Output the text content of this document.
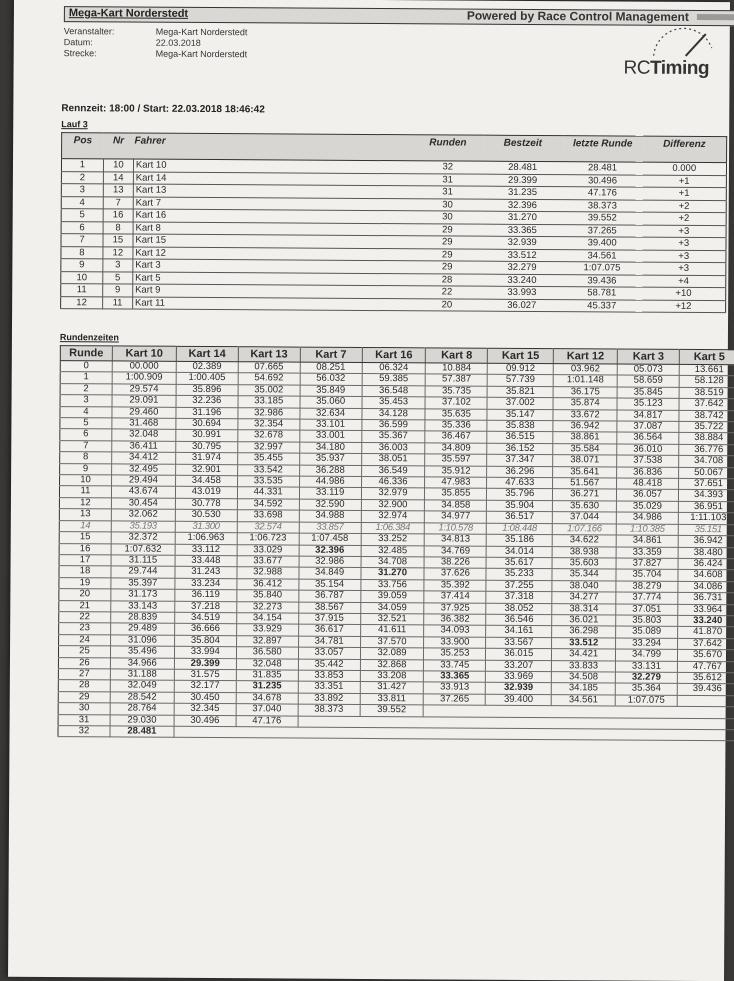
Mega-Kart Norderstedt	Powered by Race Control Management
Veranstalter:	Mega-Kart Norderstedt
Datum:	22.03.2018
Strecke:	Mega-Kart Norderstedt
RCTiming
Rennzeit: 18:00 / Start: 22.03.2018 18:46:42
Lauf 3
Pos	Nr	Fahrer	Runden	Bestzeit	letzte Runde	Differenz
1	10	Kart 10	32	28.481	28.481	0.000
2	14	Kart 14	31	29.399	30.496	+1
3	13	Kart 13	31	31.235	47.176	+1
4	7	Kart 7	30	32.396	38.373	+2
5	16	Kart 16	30	31.270	39.552	+2
6	8	Kart 8	29	33.365	37.265	+3
7	15	Kart 15	29	32.939	39.400	+3
8	12	Kart 12	29	33.512	34.561	+3
9	3	Kart 3	29	32.279	1:07.075	+3
10	5	Kart 5	28	33.240	39.436	+4
11	9	Kart 9	22	33.993	58.781	+10
12	11	Kart 11	20	36.027	45.337	+12
Rundenzeiten
Runde	Kart 10	Kart 14	Kart 13	Kart 7	Kart 16	Kart 8	Kart 15	Kart 12	Kart 3	Kart 5
0	00.000	02.389	07.665	08.251	06.324	10.884	09.912	03.962	05.073	13.661
1	1:00.909	1:00.405	54.692	56.032	59.385	57.387	57.739	1:01.148	58.659	58.128
2	29.574	35.896	35.002	35.849	36.548	35.735	35.821	36.175	35.845	38.519
3	29.091	32.236	33.185	35.060	35.453	37.102	37.002	35.874	35.123	37.642
4	29.460	31.196	32.986	32.634	34.128	35.635	35.147	33.672	34.817	38.742
5	31.468	30.694	32.354	33.101	36.599	35.336	35.838	36.942	37.087	35.722
6	32.048	30.991	32.678	33.001	35.367	36.467	36.515	38.861	36.564	38.884
7	36.411	30.795	32.997	34.180	36.003	34.809	36.152	35.584	36.010	36.776
8	34.412	31.974	35.455	35.937	38.051	35.597	37.347	38.071	37.538	34.708
9	32.495	32.901	33.542	36.288	36.549	35.912	36.296	35.641	36.836	50.067
10	29.494	34.458	33.535	44.986	46.336	47.983	47.633	51.567	48.418	37.651
11	43.674	43.019	44.331	33.119	32.979	35.855	35.796	36.271	36.057	34.393
12	30.454	30.778	34.592	32.590	32.900	34.858	35.904	35.630	35.029	36.951
13	32.062	30.530	33.698	34.988	32.974	34.977	36.517	37.044	34.986	1:11.103
14	35.193	31.300	32.574	33.857	1:06.384	1:10.578	1:08.448	1:07.166	1:10.385	35.151
15	32.372	1:06.963	1:06.723	1:07.458	33.252	34.813	35.186	34.622	34.861	36.942
16	1:07.632	33.112	33.029	32.396	32.485	34.769	34.014	38.938	33.359	38.480
17	31.115	33.448	33.677	32.986	34.708	38.226	35.617	35.603	37.827	36.424
18	29.744	31.243	32.988	34.849	31.270	37.626	35.233	35.344	35.704	34.608
19	35.397	33.234	36.412	35.154	33.756	35.392	37.255	38.040	38.279	34.086
20	31.173	36.119	35.840	36.787	39.059	37.414	37.318	34.277	37.774	36.731
21	33.143	37.218	32.273	38.567	34.059	37.925	38.052	38.314	37.051	33.964
22	28.839	34.519	34.154	37.915	32.521	36.382	36.546	36.021	35.803	33.240
23	29.489	36.666	33.929	36.617	41.611	34.093	34.161	36.298	35.089	41.870
24	31.096	35.804	32.897	34.781	37.570	33.900	33.567	33.512	33.294	37.642
25	35.496	33.994	36.580	33.057	32.089	35.253	36.015	34.421	34.799	35.670
26	34.966	29.399	32.048	35.442	32.868	33.745	33.207	33.833	33.131	47.767
27	31.188	31.575	31.835	33.853	33.208	33.365	33.969	34.508	32.279	35.612
28	32.049	32.177	31.235	33.351	31.427	33.913	32.939	34.185	35.364	39.436
29	28.542	30.450	34.678	33.892	33.811	37.265	39.400	34.561	1:07.075	
30	28.764	32.345	37.040	38.373	39.552					
31	29.030	30.496	47.176							
32	28.481									
